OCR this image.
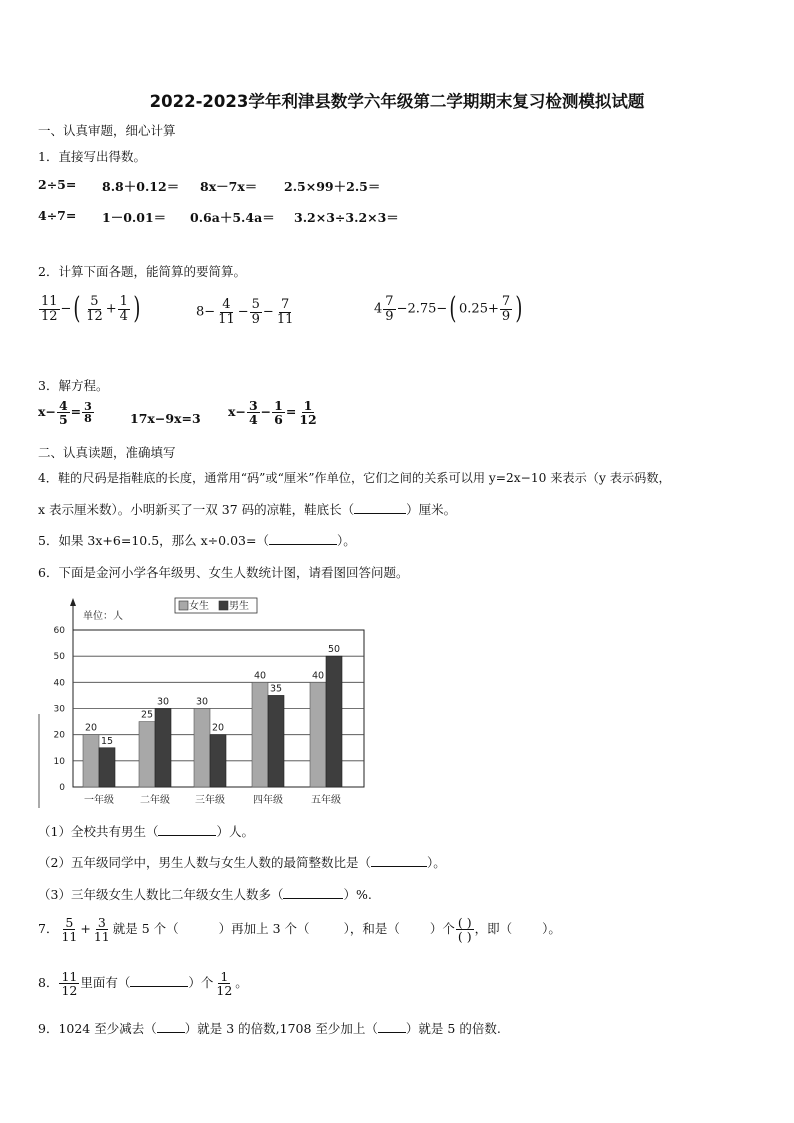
2022-2023学年利津县数学六年级第二学期期末复习检测模拟试题
一、认真审题，细心计算
1．直接写出得数。
2÷5= 8.8＋0.12＝ 8x－7x＝ 2.5×99＋2.5＝
4÷7= 1－0.01＝ 0.6a＋5.4a＝ 3.2×3÷3.2×3＝
2．计算下面各题，能简算的要简算。
$\frac{11}{12}$ −( $\frac{5}{12} + \frac{1}{4}$ )	$8- \frac{4}{11} - \frac{5}{9} - \frac{7}{11}$	$4 \frac{7}{9} -2.75-$( $0.25+ \frac{7}{9}$ )
3．解方程。
$x- \frac{4}{5} = \frac{3}{8}$	17x−9x=3 $x- \frac{3}{4} - \frac{1}{6} = \frac{1}{12}$
二、认真读题，准确填写
4．鞋的尺码是指鞋底的长度，通常用“码”或“厘米”作单位，它们之间的关系可以用 y=2x−10 来表示（y 表示码数，
x 表示厘米数）。小明新买了一双 37 码的凉鞋，鞋底长（	）厘米。
5．如果 3x+6=10.5，那么 x÷0.03=（	）。
6．下面是金河小学各年级男、女生人数统计图，请看图回答问题。
0
10
20
30
40
50
60
单位：人
女生 男生
20
15
一年级
25
30
二年级
30
20
三年级
40
35
四年级
40
50
五年级
（1）全校共有男生（	）人。
（2）五年级同学中，男生人数与女生人数的最简整数比是（	）。
（3）三年级女生人数比二年级女生人数多（	）%.
7． $\frac{5}{11} + \frac{3}{11}$ 就是 5 个（	）再加上 3 个（	），和是（ ）个 $\frac{( )}{( )}$ ，即（ ）。
8． $\frac{11}{12}$ 里面有（	）个 $\frac{1}{12}$ 。
9．1024 至少减去（ ）就是 3 的倍数,1708 至少加上（ ）就是 5 的倍数.
